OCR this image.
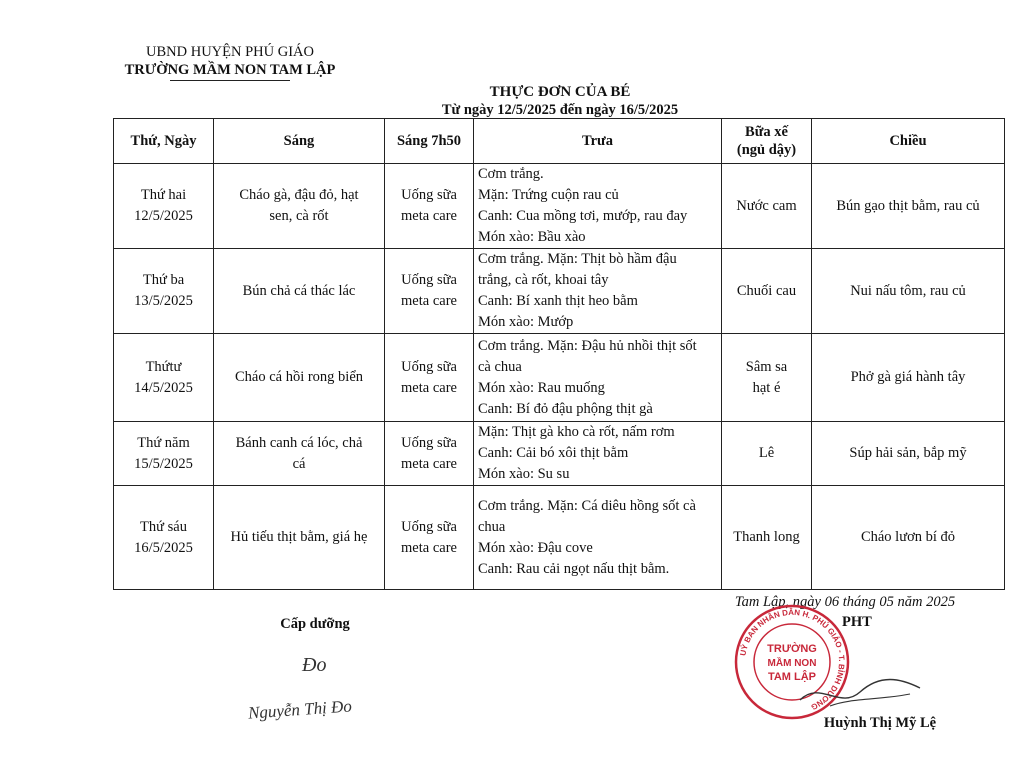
UBND HUYỆN PHÚ GIÁO
TRƯỜNG MẦM NON TAM LẬP
THỰC ĐƠN CỦA BÉ
Từ ngày 12/5/2025 đến ngày 16/5/2025
Thứ, Ngày	Sáng	Sáng 7h50	Trưa	Bữa xế
(ngủ dậy)	Chiều

Thứ hai
12/5/2025	Cháo gà, đậu đỏ, hạt
sen, cà rốt	Uống sữa
meta care	Cơm trắng.
Mặn: Trứng cuộn rau củ
Canh: Cua mồng tơi, mướp, rau đay
Món xào: Bầu xào	Nước cam	Bún gạo thịt bằm, rau củ

Thứ ba
13/5/2025	Bún chả cá thác lác	Uống sữa
meta care	Cơm trắng. Mặn: Thịt bò hầm đậu
trắng, cà rốt, khoai tây
Canh: Bí xanh thịt heo bằm
Món xào: Mướp	Chuối cau	Nui nấu tôm, rau củ

Thứtư
14/5/2025	Cháo cá hồi rong biển	Uống sữa
meta care	Cơm trắng. Mặn: Đậu hủ nhồi thịt sốt
cà chua
Món xào: Rau muống
Canh: Bí đỏ đậu phộng thịt gà	Sâm sa
hạt é	Phở gà giá hành tây

Thứ năm
15/5/2025	Bánh canh cá lóc, chả
cá	Uống sữa
meta care	Mặn: Thịt gà kho cà rốt, nấm rơm
Canh: Cải bó xôi thịt bằm
Món xào: Su su	Lê	Súp hải sản, bắp mỹ

Thứ sáu
16/5/2025	Hủ tiếu thịt bằm, giá hẹ	Uống sữa
meta care	Cơm trắng. Mặn: Cá diêu hồng sốt cà
chua
Món xào: Đậu cove
Canh: Rau cải ngọt nấu thịt bằm.	Thanh long	Cháo lươn bí đỏ
Tam Lập, ngày 06 tháng 05 năm 2025
Cấp dưỡng	PHT
Đo
Nguyễn Thị Đo
UỶ BAN NHÂN DÂN H. PHÚ GIÁO - T. BÌNH DƯƠNG
TRƯỜNG
MẦM NON
TAM LẬP
Huỳnh Thị Mỹ Lệ
